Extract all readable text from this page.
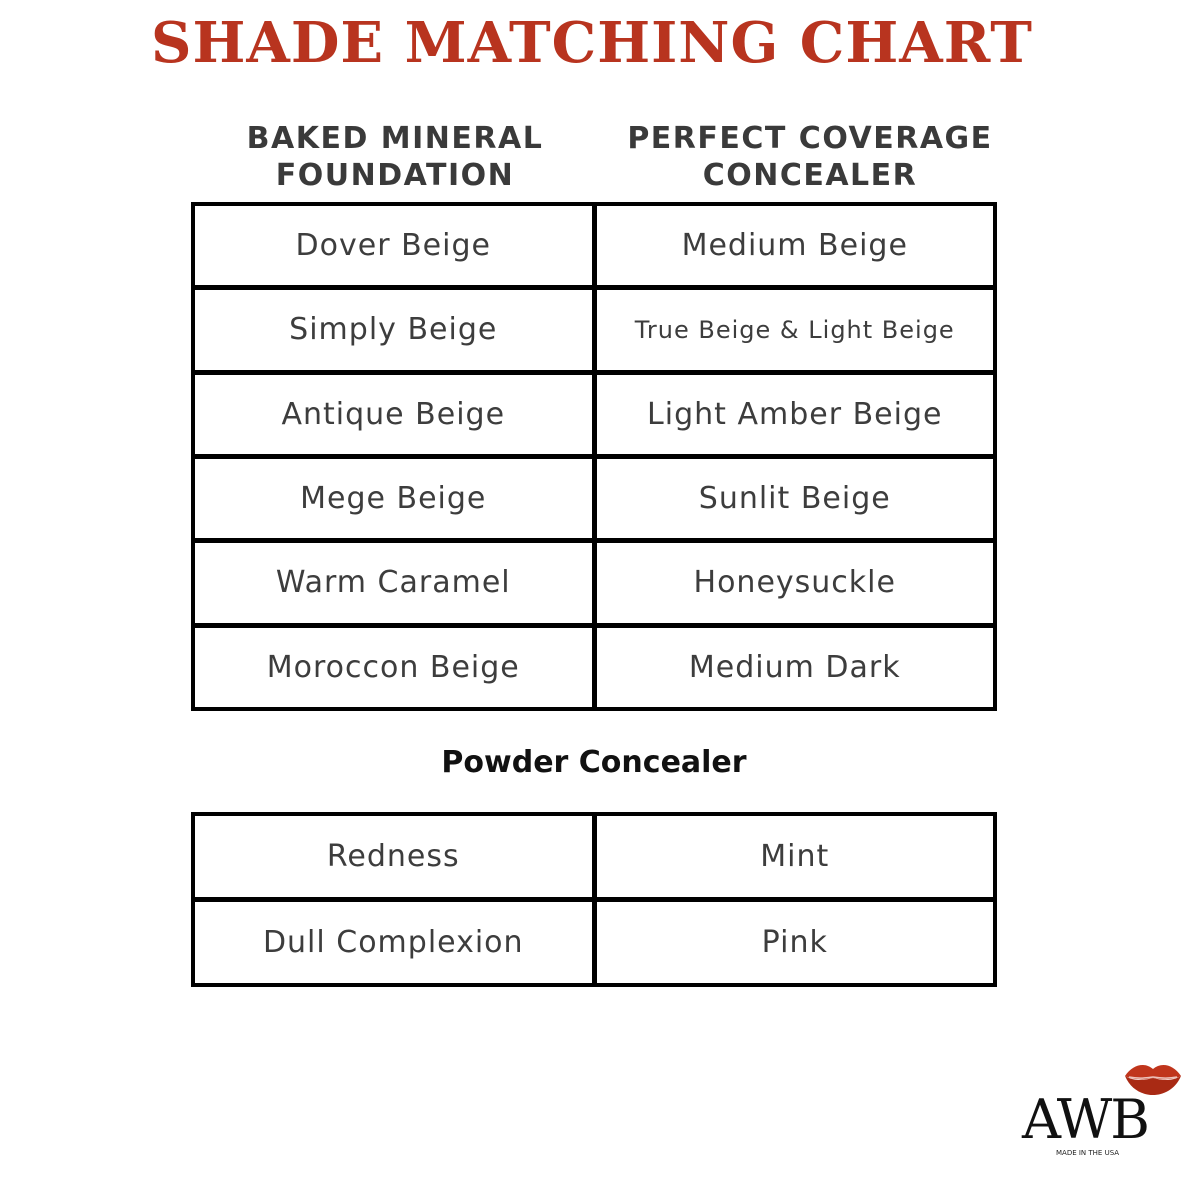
SHADE MATCHING CHART
BAKED MINERAL
FOUNDATION
PERFECT COVERAGE
CONCEALER
Dover Beige	Medium Beige
Simply Beige	True Beige & Light Beige
Antique Beige	Light Amber Beige
Mege Beige	Sunlit Beige
Warm Caramel	Honeysuckle
Moroccon Beige	Medium Dark
Powder Concealer
Redness	Mint
Dull Complexion	Pink
AWB
MADE IN THE USA
